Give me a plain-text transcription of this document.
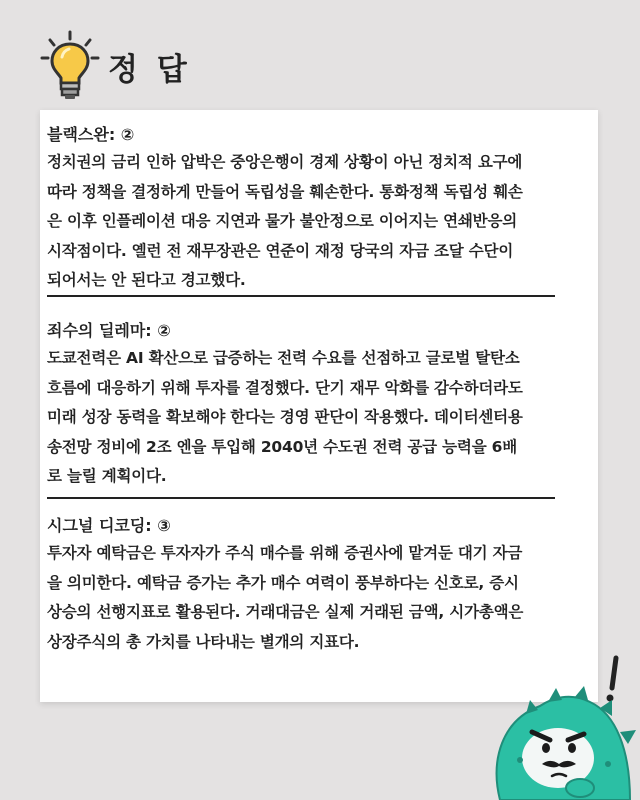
정 답
블랙스완: ②
정치권의 금리 인하 압박은 중앙은행이 경제 상황이 아닌 정치적 요구에
따라 정책을 결정하게 만들어 독립성을 훼손한다. 통화정책 독립성 훼손
은 이후 인플레이션 대응 지연과 물가 불안정으로 이어지는 연쇄반응의
시작점이다. 옐런 전 재무장관은 연준이 재정 당국의 자금 조달 수단이
되어서는 안 된다고 경고했다.
죄수의 딜레마: ②
도쿄전력은 AI 확산으로 급증하는 전력 수요를 선점하고 글로벌 탈탄소
흐름에 대응하기 위해 투자를 결정했다. 단기 재무 악화를 감수하더라도
미래 성장 동력을 확보해야 한다는 경영 판단이 작용했다. 데이터센터용
송전망 정비에 2조 엔을 투입해 2040년 수도권 전력 공급 능력을 6배
로 늘릴 계획이다.
시그널 디코딩: ③
투자자 예탁금은 투자자가 주식 매수를 위해 증권사에 맡겨둔 대기 자금
을 의미한다. 예탁금 증가는 추가 매수 여력이 풍부하다는 신호로, 증시
상승의 선행지표로 활용된다. 거래대금은 실제 거래된 금액, 시가총액은
상장주식의 총 가치를 나타내는 별개의 지표다.
